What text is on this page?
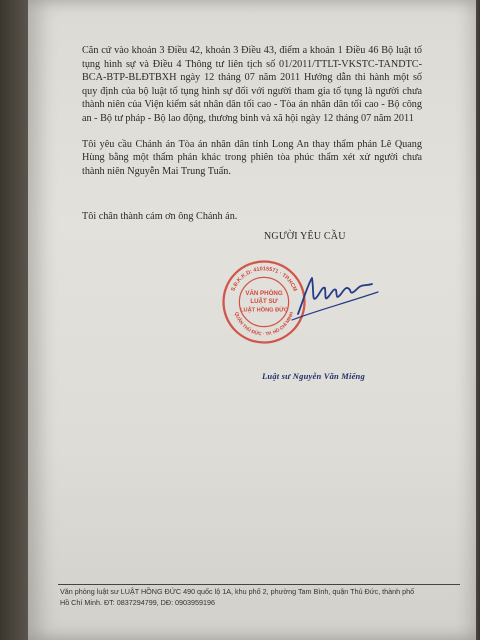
Căn cứ vào khoản 3 Điều 42, khoản 3 Điều 43, điểm a khoản 1 Điều 46 Bộ luật tố tụng hình sự và Điều 4 Thông tư liên tịch số 01/2011/TTLT-VKSTC-TANDTC-BCA-BTP-BLĐTBXH ngày 12 tháng 07 năm 2011 Hướng dẫn thi hành một số quy định của bộ luật tố tụng hình sự đối với người tham gia tố tụng là người chưa thành niên của Viện kiểm sát nhân dân tối cao - Tòa án nhân dân tối cao - Bộ công an - Bộ tư pháp - Bộ lao động, thương binh và xã hội ngày 12 tháng 07 năm 2011

Tôi yêu cầu Chánh án Tòa án nhân dân tỉnh Long An thay thẩm phán Lê Quang Hùng bằng một thẩm phán khác trong phiên tòa phúc thẩm xét xử người chưa thành niên Nguyễn Mai Trung Tuấn.

Tôi chân thành cám ơn ông Chánh án.
NGƯỜI YÊU CẦU
S.Đ.K.K.D: 41015571 · TP.HCM
QUẬN THỦ ĐỨC · TP. HỒ CHÍ MINH
VĂN PHÒNG
LUẬT SƯ
LUẬT HỒNG ĐỨC
Luật sư Nguyễn Văn Miếng
Văn phòng luật sư LUẬT HỒNG ĐỨC 490 quốc lộ 1A, khu phố 2, phường Tam Bình, quận Thủ Đức, thành phố
Hồ Chí Minh. ĐT: 0837294799, DĐ: 0903959196
